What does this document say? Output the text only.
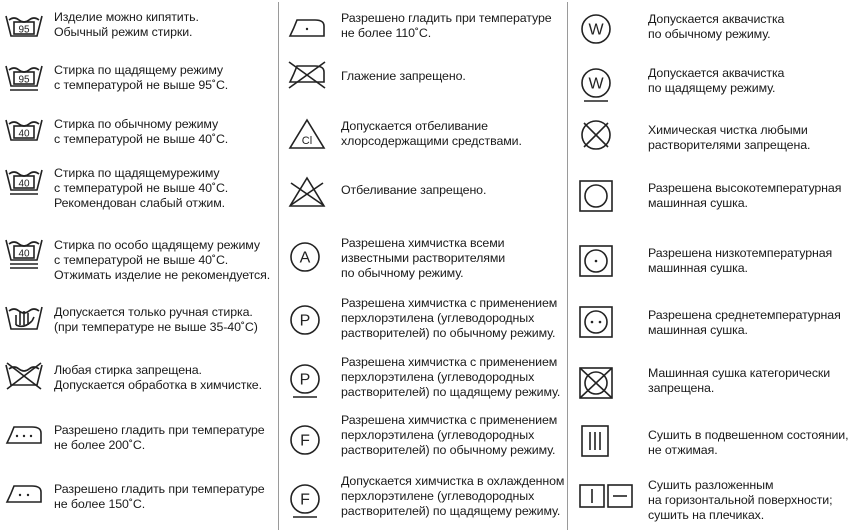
95
Изделие можно кипятить.
Обычный режим стирки.
95
Стирка по щадящему режиму
с температурой не выше 95˚С.
40
Стирка по обычному режиму
с температурой не выше 40˚С.
40
Стирка по щадящемурежиму
с температурой не выше 40˚С.
Рекомендован слабый отжим.
40
Стирка по особо щадящему режиму
с температурой не выше 40˚С.
Отжимать изделие не рекомендуется.
Допускается только ручная стирка.
(при температуре не выше 35-40˚С)
Любая стирка запрещена.
Допускается обработка в химчистке.
Разрешено гладить при температуре
не более 200˚С.
Разрешено гладить при температуре
не более 150˚С.
Разрешено гладить при температуре
не более 110˚С.
Глажение запрещено.
Cl
Допускается отбеливание
хлорсодержащими средствами.
Отбеливание запрещено.
A
Разрешена химчистка всеми
известными растворителями
по обычному режиму.
P
Разрешена химчистка с применением
перхлорэтилена (углеводородных
растворителей) по обычному режиму.
P
Разрешена химчистка с применением
перхлорэтилена (углеводородных
растворителей) по щадящему режиму.
F
Разрешена химчистка с применением
перхлорэтилена (углеводородных
растворителей) по обычному режиму.
F
Допускается химчистка в охлажденном
перхлорэтилене (углеводородных
растворителей) по щадящему режиму.
W
Допускается аквачистка
по обычному режиму.
W
Допускается аквачистка
по щадящему режиму.
Химическая чистка любыми
растворителями запрещена.
Разрешена высокотемпературная
машинная сушка.
Разрешена низкотемпературная
машинная сушка.
Разрешена среднетемпературная
машинная сушка.
Машинная сушка категорически
запрещена.
Сушить в подвешенном состоянии,
не отжимая.
Сушить разложенным
на горизонтальной поверхности;
сушить на плечиках.
